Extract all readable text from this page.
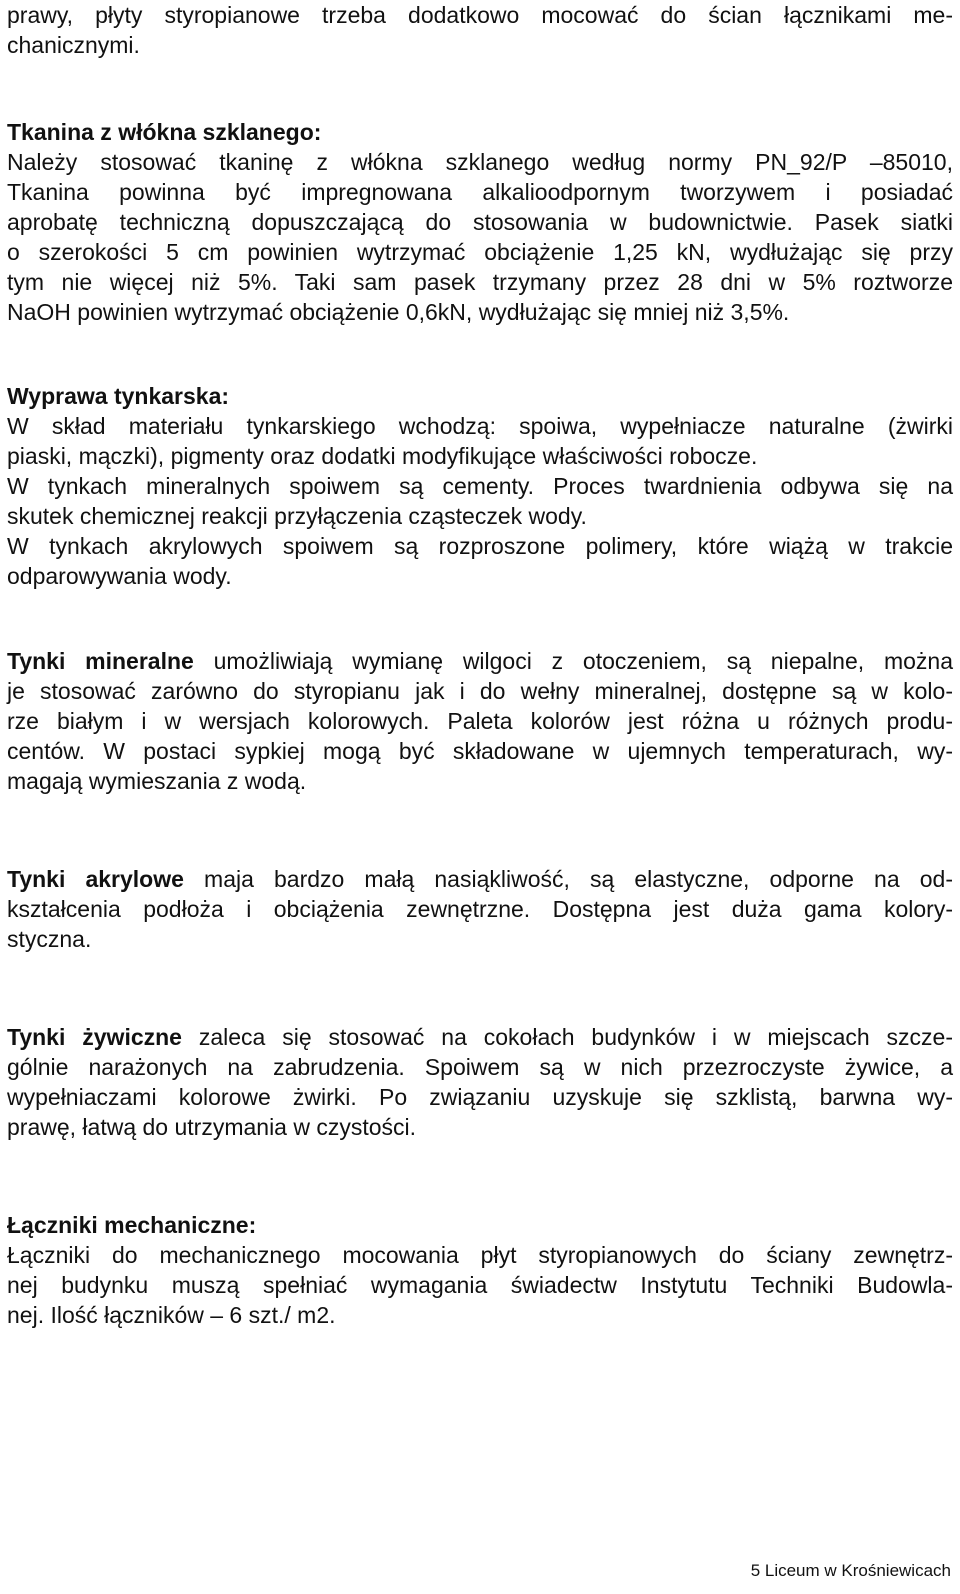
prawy, płyty styropianowe trzeba dodatkowo mocować do ścian łącznikami me-
chanicznymi.
Tkanina z włókna szklanego:
Należy stosować tkaninę z włókna szklanego według normy PN_92/P –85010,
Tkanina powinna być impregnowana alkalioodpornym tworzywem i posiadać
aprobatę techniczną dopuszczającą do stosowania w budownictwie. Pasek siatki
o szerokości 5 cm powinien wytrzymać obciążenie 1,25 kN, wydłużając się przy
tym nie więcej niż 5%. Taki sam pasek trzymany przez 28 dni w 5% roztworze
NaOH powinien wytrzymać obciążenie 0,6kN, wydłużając się mniej niż 3,5%.
Wyprawa tynkarska:
W skład materiału tynkarskiego wchodzą: spoiwa, wypełniacze naturalne (żwirki
piaski, mączki), pigmenty oraz dodatki modyfikujące właściwości robocze.
W tynkach mineralnych spoiwem są cementy. Proces twardnienia odbywa się na
skutek chemicznej reakcji przyłączenia cząsteczek wody.
W tynkach akrylowych spoiwem są rozproszone polimery, które wiążą w trakcie
odparowywania wody.
Tynki mineralne umożliwiają wymianę wilgoci z otoczeniem, są niepalne, można
je stosować zarówno do styropianu jak i do wełny mineralnej, dostępne są w kolo-
rze białym i w wersjach kolorowych. Paleta kolorów jest różna u różnych produ-
centów. W postaci sypkiej mogą być składowane w ujemnych temperaturach, wy-
magają wymieszania z wodą.
Tynki akrylowe maja bardzo małą nasiąkliwość, są elastyczne, odporne na od-
kształcenia podłoża i obciążenia zewnętrzne. Dostępna jest duża gama kolory-
styczna.
Tynki żywiczne zaleca się stosować na cokołach budynków i w miejscach szcze-
gólnie narażonych na zabrudzenia. Spoiwem są w nich przezroczyste żywice, a
wypełniaczami kolorowe żwirki. Po związaniu uzyskuje się szklistą, barwna wy-
prawę, łatwą do utrzymania w czystości.
Łączniki mechaniczne:
Łączniki do mechanicznego mocowania płyt styropianowych do ściany zewnętrz-
nej budynku muszą spełniać wymagania świadectw Instytutu Techniki Budowla-
nej. Ilość łączników – 6 szt./ m2.
5 Liceum w Krośniewicach
